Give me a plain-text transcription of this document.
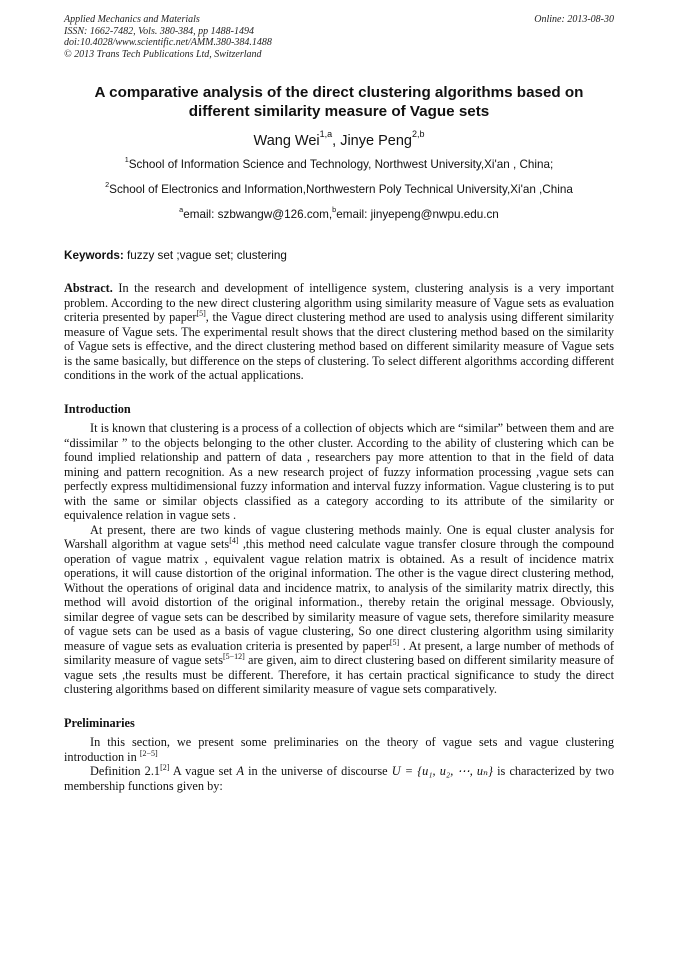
Applied Mechanics and Materials
ISSN: 1662-7482, Vols. 380-384, pp 1488-1494
doi:10.4028/www.scientific.net/AMM.380-384.1488
© 2013 Trans Tech Publications Ltd, Switzerland
Online: 2013-08-30
A comparative analysis of the direct clustering algorithms based on
different similarity measure of Vague sets
Wang Wei$^{1,a}$, Jinye Peng$^{2,b}$
$^1$School of Information Science and Technology, Northwest University,Xi'an , China;
$^2$School of Electronics and Information,Northwestern Poly Technical University,Xi'an ,China
$^a$email: szbwangw@126.com,$^b$email: jinyepeng@nwpu.edu.cn
Keywords: fuzzy set ;vague set; clustering

Abstract. In the research and development of intelligence system, clustering analysis is a very important problem. According to the new direct clustering algorithm using similarity measure of Vague sets as evaluation criteria presented by paper[5], the Vague direct clustering method are used to analysis using different similarity measure of Vague sets. The experimental result shows that the direct clustering method based on the similarity of Vague sets is effective, and the direct clustering method based on different similarity measure of Vague sets is the same basically, but difference on the steps of clustering. To select different algorithms according different conditions in the work of the actual applications.

Introduction

It is known that clustering is a process of a collection of objects which are “similar” between them and are “dissimilar ” to the objects belonging to the other cluster. According to the ability of clustering which can be found implied relationship and pattern of data , researchers pay more attention to that in the field of data mining and pattern recognition. As a new research project of fuzzy information processing ,vague sets can perfectly express multidimensional fuzzy information and interval fuzzy information. Vague clustering is to put with the same or similar objects classified as a category according to its attribute of the similarity or equivalence relation in vague sets .

At present, there are two kinds of vague clustering methods mainly. One is equal cluster analysis for Warshall algorithm at vague sets[4] ,this method need calculate vague transfer closure through the compound operation of vague matrix , equivalent vague relation matrix is obtained. As a result of incidence matrix operations, it will cause distortion of the original information. The other is the vague direct clustering method, Without the operations of original data and incidence matrix, to analysis of the similarity matrix directly, this method will avoid distortion of the original information., thereby retain the original message. Obviously, similar degree of vague sets can be described by similarity measure of vague sets, therefore similarity measure of vague sets can be used as a basis of vague clustering, So one direct clustering algorithm using similarity measure of vague sets as evaluation criteria is presented by paper[5] . At present, a large number of methods of similarity measure of vague sets[5−12] are given, aim to direct clustering based on different similarity measure of vague sets ,the results must be different. Therefore, it has certain practical significance to study the direct clustering algorithms based on different similarity measure of vague sets comparatively.

Preliminaries

In this section, we present some preliminaries on the theory of vague sets and vague clustering introduction in [2−5]

Definition 2.1[2] A vague set A in the universe of discourse U = {u₁, u₂, ⋯, uₙ} is characterized by two membership functions given by:
